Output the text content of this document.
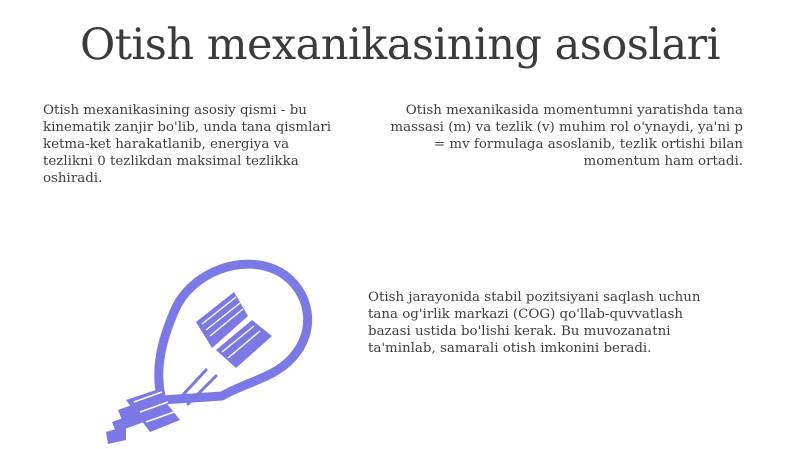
Otish mexanikasining asoslari
Otish mexanikasining asosiy qismi - bu kinematik zanjir bo'lib, unda tana qismlari ketma-ket harakatlanib, energiya va tezlikni 0 tezlikdan maksimal tezlikka oshiradi.
Otish mexanikasida momentumni yaratishda tana massasi (m) va tezlik (v) muhim rol o'ynaydi, ya'ni p = mv formulaga asoslanib, tezlik ortishi bilan momentum ham ortadi.
Otish jarayonida stabil pozitsiyani saqlash uchun tana og'irlik markazi (COG) qo'llab-quvvatlash bazasi ustida bo'lishi kerak. Bu muvozanatni ta'minlab, samarali otish imkonini beradi.
